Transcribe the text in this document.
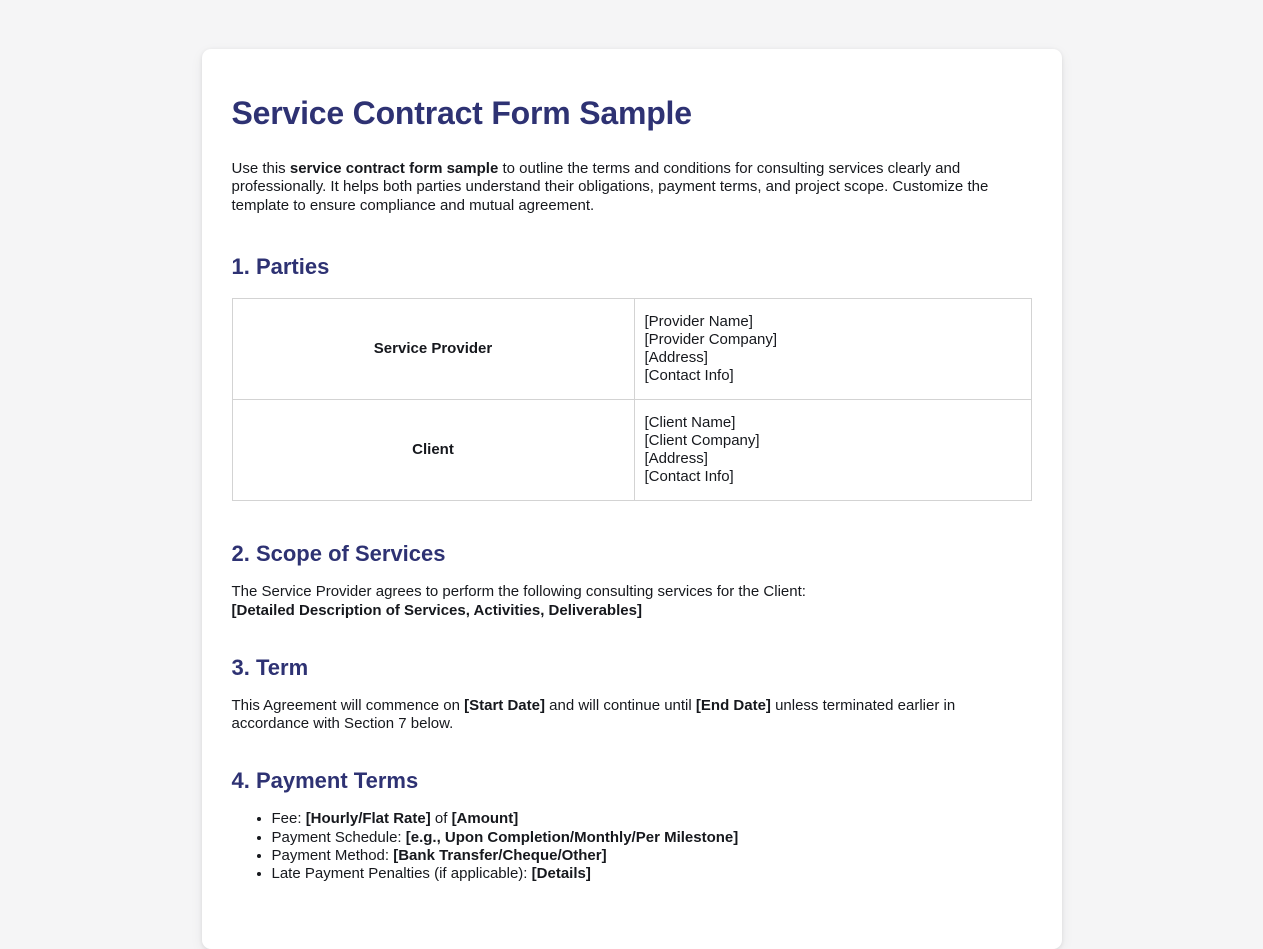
Service Contract Form Sample

Use this service contract form sample to outline the terms and conditions for consulting services clearly and professionally. It helps both parties understand their obligations, payment terms, and project scope. Customize the template to ensure compliance and mutual agreement.

1. Parties
Service Provider	[Provider Name]
[Provider Company]
[Address]
[Contact Info]

Client	[Client Name]
[Client Company]
[Address]
[Contact Info]
2. Scope of Services

The Service Provider agrees to perform the following consulting services for the Client:
[Detailed Description of Services, Activities, Deliverables]

3. Term

This Agreement will commence on [Start Date] and will continue until [End Date] unless terminated earlier in accordance with Section 7 below.

4. Payment Terms
• Fee: [Hourly/Flat Rate] of [Amount]
• Payment Schedule: [e.g., Upon Completion/Monthly/Per Milestone]
• Payment Method: [Bank Transfer/Cheque/Other]
• Late Payment Penalties (if applicable): [Details]
